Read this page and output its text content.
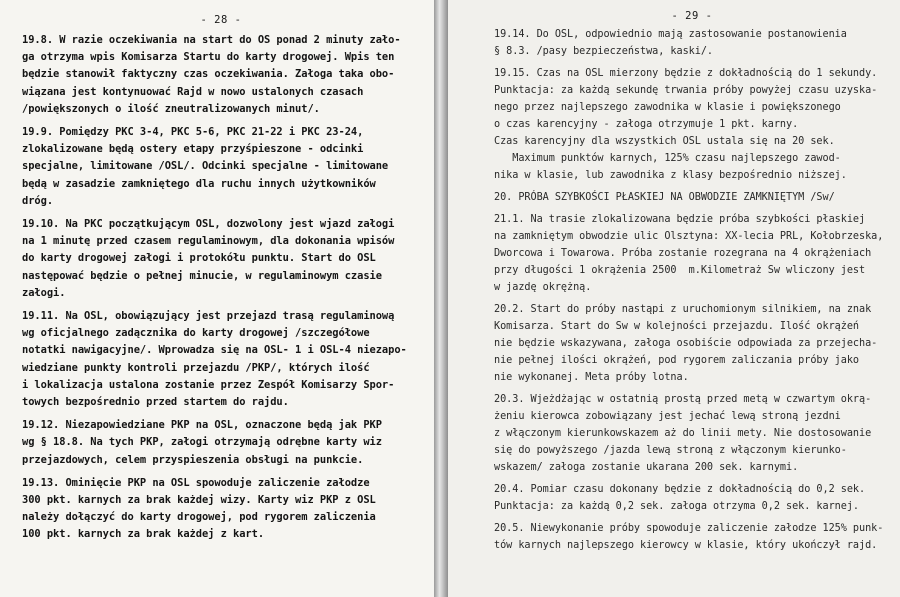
- 28 -

19.8. W razie oczekiwania na start do OS ponad 2 minuty zało-
ga otrzyma wpis Komisarza Startu do karty drogowej. Wpis ten
będzie stanowił faktyczny czas oczekiwania. Załoga taka obo-
wiązana jest kontynuować Rajd w nowo ustalonych czasach
/powiększonych o ilość zneutralizowanych minut/.

19.9. Pomiędzy PKC 3-4, PKC 5-6, PKC 21-22 i PKC 23-24,
zlokalizowane będą ostery etapy przyśpieszone - odcinki
specjalne, limitowane /OSL/. Odcinki specjalne - limitowane
będą w zasadzie zamkniętego dla ruchu innych użytkowników
dróg.

19.10. Na PKC początkującym OSL, dozwolony jest wjazd załogi
na 1 minutę przed czasem regulaminowym, dla dokonania wpisów
do karty drogowej załogi i protokółu punktu. Start do OSL
następować będzie o pełnej minucie, w regulaminowym czasie
załogi.

19.11. Na OSL, obowiązujący jest przejazd trasą regulaminową
wg oficjalnego zadącznika do karty drogowej /szczegółowe
notatki nawigacyjne/. Wprowadza się na OSL- 1 i OSL-4 niezapo-
wiedziane punkty kontroli przejazdu /PKP/, których ilość
i lokalizacja ustalona zostanie przez Zespół Komisarzy Spor-
towych bezpośrednio przed startem do rajdu.

19.12. Niezapowiedziane PKP na OSL, oznaczone będą jak PKP
wg § 18.8. Na tych PKP, załogi otrzymają odrębne karty wiz
przejazdowych, celem przyspieszenia obsługi na punkcie.

19.13. Ominięcie PKP na OSL spowoduje zaliczenie załodze
300 pkt. karnych za brak każdej wizy. Karty wiz PKP z OSL
należy dołączyć do karty drogowej, pod rygorem zaliczenia
100 pkt. karnych za brak każdej z kart.

- 29 -

19.14. Do OSL, odpowiednio mają zastosowanie postanowienia
§ 8.3. /pasy bezpieczeństwa, kaski/.

19.15. Czas na OSL mierzony będzie z dokładnością do 1 sekundy.
Punktacja: za każdą sekundę trwania próby powyżej czasu uzyska-
nego przez najlepszego zawodnika w klasie i powiększonego
o czas karencyjny - załoga otrzymuje 1 pkt. karny.
Czas karencyjny dla wszystkich OSL ustala się na 20 sek.
Maximum punktów karnych, 125% czasu najlepszego zawod-
nika w klasie, lub zawodnika z klasy bezpośrednio niższej.

20. PRÓBA SZYBKOŚCI PŁASKIEJ NA OBWODZIE ZAMKNIĘTYM /Sw/

21.1. Na trasie zlokalizowana będzie próba szybkości płaskiej
na zamkniętym obwodzie ulic Olsztyna: XX-lecia PRL, Kołobrzeska,
Dworcowa i Towarowa. Próba zostanie rozegrana na 4 okrążeniach
przy długości 1 okrążenia 2500  m.Kilometraż Sw wliczony jest
w jazdę okrężną.

20.2. Start do próby nastąpi z uruchomionym silnikiem, na znak
Komisarza. Start do Sw w kolejności przejazdu. Ilość okrążeń
nie będzie wskazywana, załoga osobiście odpowiada za przejecha-
nie pełnej ilości okrążeń, pod rygorem zaliczania próby jako
nie wykonanej. Meta próby lotna.

20.3. Wjeżdżając w ostatnią prostą przed metą w czwartym okrą-
żeniu kierowca zobowiązany jest jechać lewą stroną jezdni
z włączonym kierunkowskazem aż do linii mety. Nie dostosowanie
się do powyższego /jazda lewą stroną z włączonym kierunko-
wskazem/ załoga zostanie ukarana 200 sek. karnymi.

20.4. Pomiar czasu dokonany będzie z dokładnością do 0,2 sek.
Punktacja: za każdą 0,2 sek. załoga otrzyma 0,2 sek. karnej.

20.5. Niewykonanie próby spowoduje zaliczenie załodze 125% punk-
tów karnych najlepszego kierowcy w klasie, który ukończył rajd.
